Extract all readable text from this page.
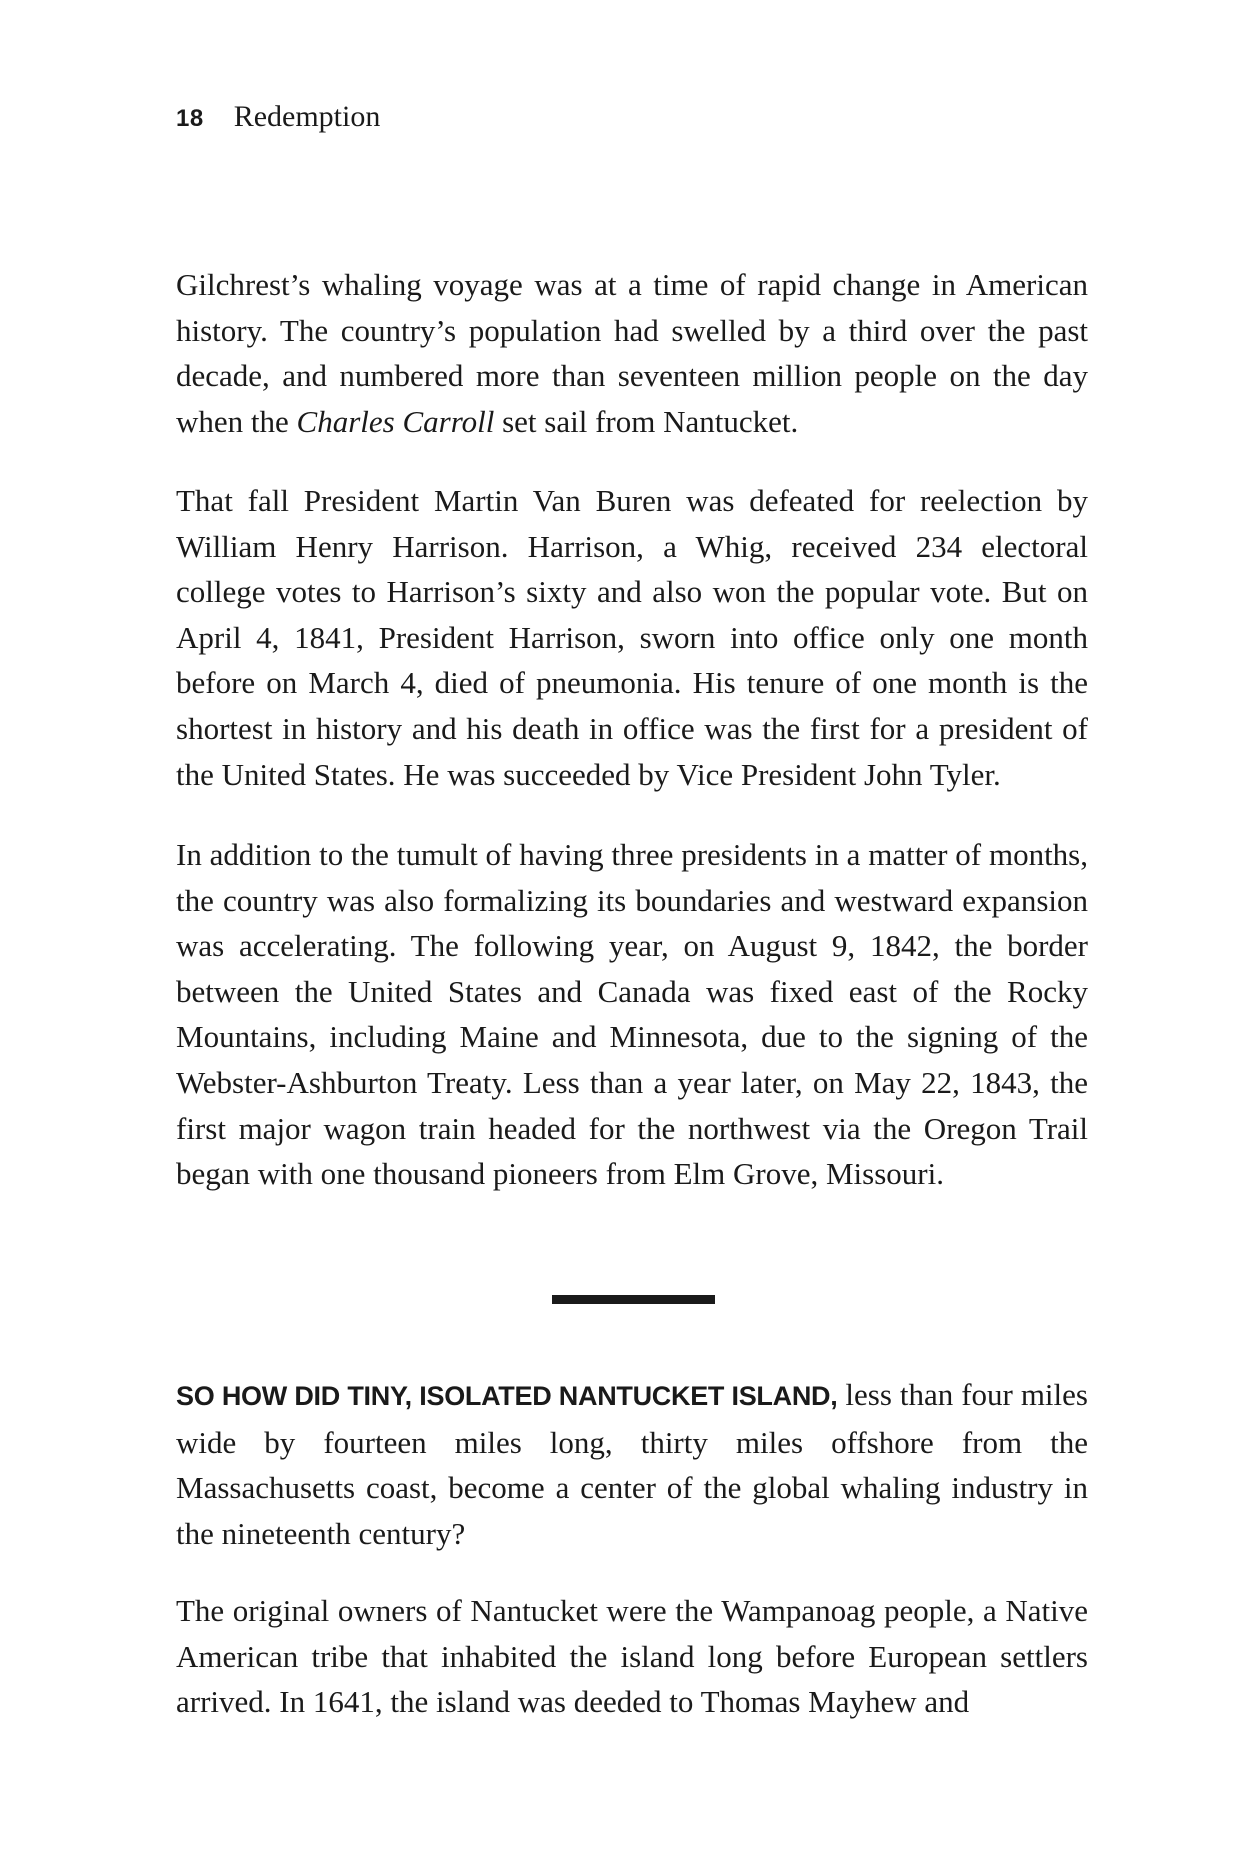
18 Redemption

Gilchrest’s whaling voyage was at a time of rapid change in American history. The country’s population had swelled by a third over the past decade, and numbered more than seventeen million people on the day when the Charles Carroll set sail from Nantucket.

That fall President Martin Van Buren was defeated for reelection by William Henry Harrison. Harrison, a Whig, received 234 electoral college votes to Harrison’s sixty and also won the popular vote. But on April 4, 1841, President Harrison, sworn into office only one month before on March 4, died of pneumonia. His tenure of one month is the shortest in history and his death in office was the first for a president of the United States. He was succeeded by Vice President John Tyler.

In addition to the tumult of having three presidents in a matter of months, the country was also formalizing its boundaries and westward expansion was accelerating. The following year, on August 9, 1842, the border between the United States and Canada was fixed east of the Rocky Mountains, including Maine and Minnesota, due to the signing of the Webster-Ashburton Treaty. Less than a year later, on May 22, 1843, the first major wagon train headed for the northwest via the Oregon Trail began with one thousand pioneers from Elm Grove, Missouri.

SO HOW DID TINY, ISOLATED NANTUCKET ISLAND, less than four miles wide by fourteen miles long, thirty miles offshore from the Massachusetts coast, become a center of the global whaling industry in the nineteenth century?

The original owners of Nantucket were the Wampanoag people, a Native American tribe that inhabited the island long before European settlers arrived. In 1641, the island was deeded to Thomas Mayhew and
